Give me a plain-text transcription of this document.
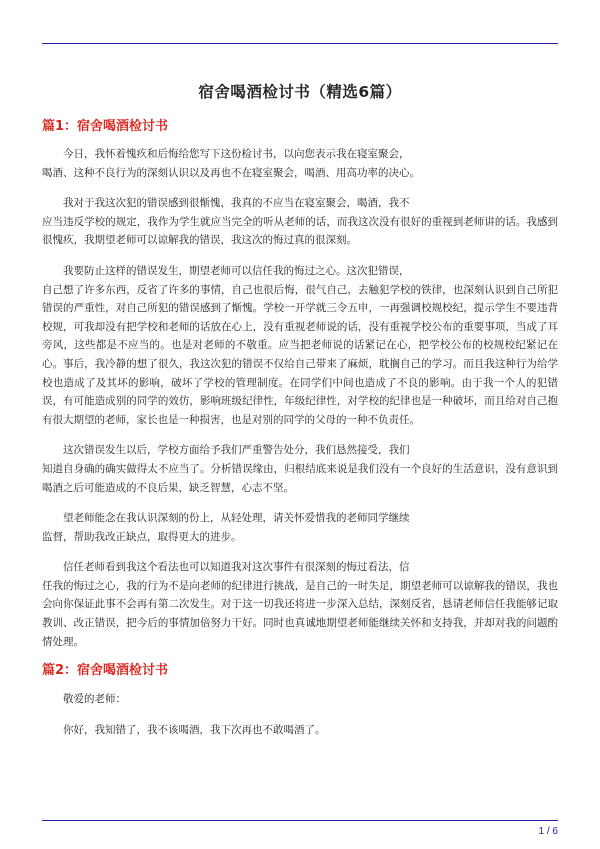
宿舍喝酒检讨书（精选6篇）
篇1：宿舍喝酒检讨书

今日，我怀着愧疚和后悔给您写下这份检讨书，以向您表示我在寝室聚会，
喝酒、这种不良行为的深刻认识以及再也不在寝室聚会，喝酒、用高功率的决心。

我对于我这次犯的错误感到很惭愧，我真的不应当在寝室聚会，喝酒，我不
应当违反学校的规定，我作为学生就应当完全的听从老师的话，而我这次没有很好的重视到老师讲的话。我感到很愧疚，我期望老师可以谅解我的错误，我这次的悔过真的很深刻。

我要防止这样的错误发生，期望老师可以信任我的悔过之心。这次犯错误，
自己想了许多东西，反省了许多的事情，自己也很后悔，很气自己，去触犯学校的铁律，也深刻认识到自己所犯错误的严重性，对自己所犯的错误感到了惭愧。学校一开学就三令五申，一再强调校规校纪，提示学生不要违背校规，可我却没有把学校和老师的话放在心上，没有重视老师说的话，没有重视学校公布的重要事项，当成了耳旁风，这些都是不应当的。也是对老师的不敬重。应当把老师说的话紧记在心，把学校公布的校规校纪紧记在心。事后，我冷静的想了很久，我这次犯的错误不仅给自己带来了麻烦，耽搁自己的学习。而且我这种行为给学校也造成了及其坏的影响，破坏了学校的管理制度。在同学们中间也造成了不良的影响。由于我一个人的犯错误，有可能造成别的同学的效仿，影响班级纪律性，年级纪律性，对学校的纪律也是一种破坏，而且给对自己抱有很大期望的老师，家长也是一种损害，也是对别的同学的父母的一种不负责任。

这次错误发生以后，学校方面给予我们严重警告处分，我们恳然接受，我们
知道自身确的确实做得太不应当了。分析错误缘由，归根结底来说是我们没有一个良好的生活意识，没有意识到喝酒之后可能造成的不良后果，缺乏智慧，心志不坚。

望老师能念在我认识深刻的份上，从轻处理，请关怀爱惜我的老师同学继续
监督，帮助我改正缺点，取得更大的进步。

信任老师看到我这个看法也可以知道我对这次事件有很深刻的悔过看法，信
任我的悔过之心，我的行为不是向老师的纪律进行挑战，是自己的一时失足，期望老师可以谅解我的错误，我也会向你保证此事不会再有第二次发生。对于这一切我还将进一步深入总结，深刻反省，恳请老师信任我能够记取教训、改正错误，把今后的事情加倍努力干好。同时也真诚地期望老师能继续关怀和支持我，并却对我的问题酌情处理。

篇2：宿舍喝酒检讨书

敬爱的老师：

你好，我知错了，我不该喝酒，我下次再也不敢喝酒了。

1 / 6
